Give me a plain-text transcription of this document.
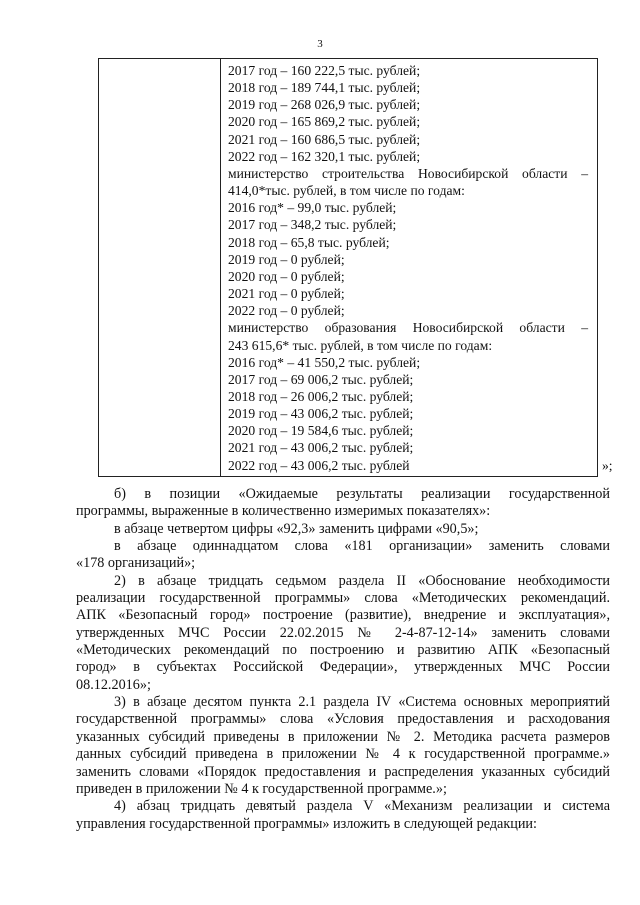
3
2017 год – 160 222,5 тыс. рублей;
2018 год – 189 744,1 тыс. рублей;
2019 год – 268 026,9 тыс. рублей;
2020 год – 165 869,2 тыс. рублей;
2021 год – 160 686,5 тыс. рублей;
2022 год – 162 320,1 тыс. рублей;
министерство строительства Новосибирской области –
414,0*тыс. рублей, в том числе по годам:
2016 год* – 99,0 тыс. рублей;
2017 год – 348,2 тыс. рублей;
2018 год – 65,8 тыс. рублей;
2019 год – 0 рублей;
2020 год – 0 рублей;
2021 год – 0 рублей;
2022 год – 0 рублей;
министерство образования Новосибирской области –
243 615,6* тыс. рублей, в том числе по годам:
2016 год* – 41 550,2 тыс. рублей;
2017 год – 69 006,2 тыс. рублей;
2018 год – 26 006,2 тыс. рублей;
2019 год – 43 006,2 тыс. рублей;
2020 год – 19 584,6 тыс. рублей;
2021 год – 43 006,2 тыс. рублей;
2022 год – 43 006,2 тыс. рублей	»;
б) в позиции «Ожидаемые результаты реализации государственной
программы, выраженные в количественно измеримых показателях»:
в абзаце четвертом цифры «92,3» заменить цифрами «90,5»;
в абзаце одиннадцатом слова «181 организации» заменить словами
«178 организаций»;
2) в абзаце тридцать седьмом раздела II «Обоснование необходимости
реализации государственной программы» слова «Методических рекомендаций.
АПК «Безопасный город» построение (развитие), внедрение и эксплуатация»,
утвержденных МЧС России 22.02.2015 № 2-4-87-12-14» заменить словами
«Методических рекомендаций по построению и развитию АПК «Безопасный
город» в субъектах Российской Федерации», утвержденных МЧС России
08.12.2016»;
3) в абзаце десятом пункта 2.1 раздела IV «Система основных мероприятий
государственной программы» слова «Условия предоставления и расходования
указанных субсидий приведены в приложении № 2. Методика расчета размеров
данных субсидий приведена в приложении № 4 к государственной программе.»
заменить словами «Порядок предоставления и распределения указанных субсидий
приведен в приложении № 4 к государственной программе.»;
4) абзац тридцать девятый раздела V «Механизм реализации и система
управления государственной программы» изложить в следующей редакции:
